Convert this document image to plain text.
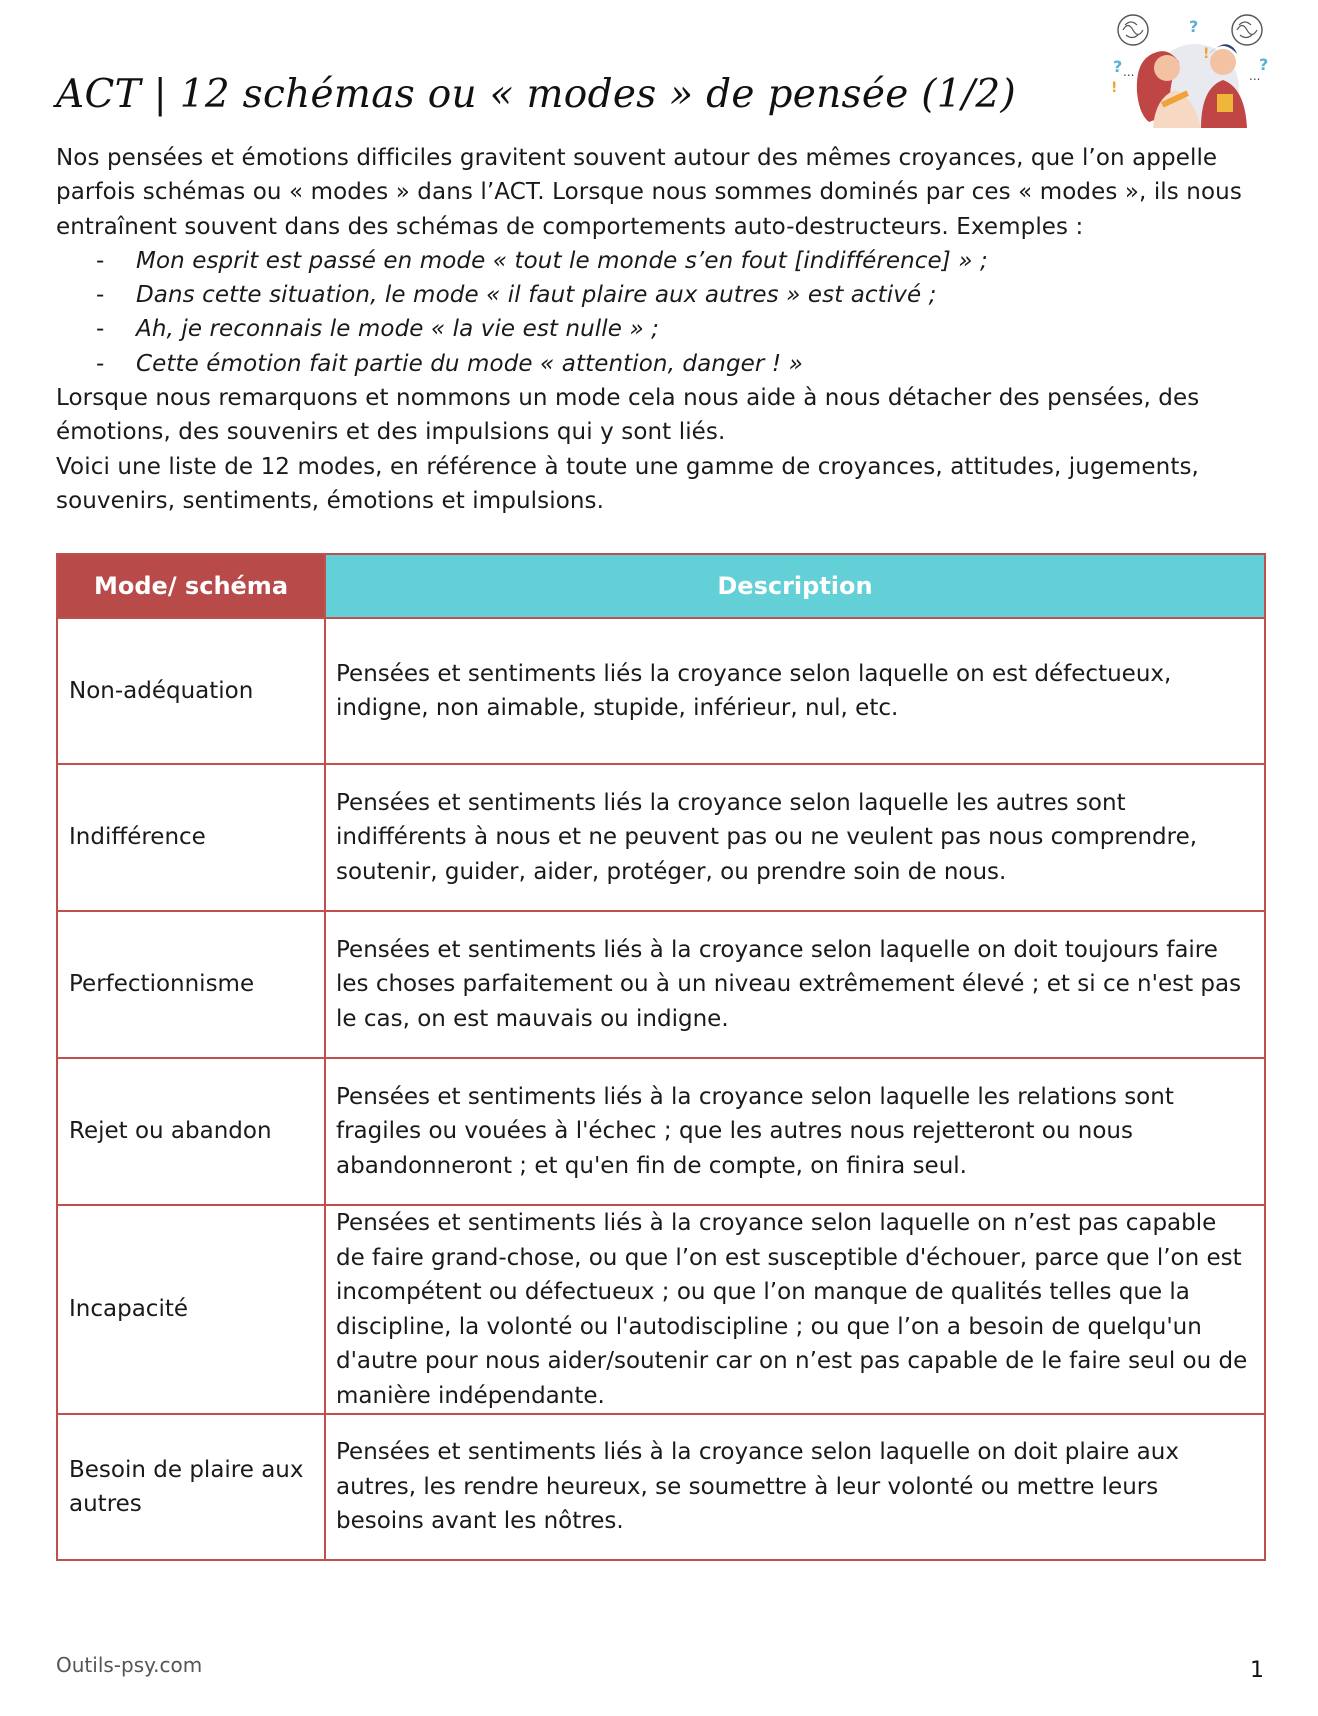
ACT | 12 schémas ou « modes » de pensée (1/2)
?
?
?
!
!
...	...

Nos pensées et émotions difficiles gravitent souvent autour des mêmes croyances, que l’on appelle parfois schémas ou « modes » dans l’ACT. Lorsque nous sommes dominés par ces « modes », ils nous entraînent souvent dans des schémas de comportements auto-destructeurs. Exemples :

- Mon esprit est passé en mode « tout le monde s’en fout [indifférence] » ;
- Dans cette situation, le mode « il faut plaire aux autres » est activé ;
- Ah, je reconnais le mode « la vie est nulle » ;
- Cette émotion fait partie du mode « attention, danger ! »

Lorsque nous remarquons et nommons un mode cela nous aide à nous détacher des pensées, des émotions, des souvenirs et des impulsions qui y sont liés.

Voici une liste de 12 modes, en référence à toute une gamme de croyances, attitudes, jugements, souvenirs, sentiments, émotions et impulsions.

Mode/ schéma	Description
Non-adéquation	Pensées et sentiments liés la croyance selon laquelle on est défectueux, indigne, non aimable, stupide, inférieur, nul, etc.
Indifférence	Pensées et sentiments liés la croyance selon laquelle les autres sont indifférents à nous et ne peuvent pas ou ne veulent pas nous comprendre, soutenir, guider, aider, protéger, ou prendre soin de nous.
Perfectionnisme	Pensées et sentiments liés à la croyance selon laquelle on doit toujours faire les choses parfaitement ou à un niveau extrêmement élevé ; et si ce n'est pas le cas, on est mauvais ou indigne.
Rejet ou abandon	Pensées et sentiments liés à la croyance selon laquelle les relations sont fragiles ou vouées à l'échec ; que les autres nous rejetteront ou nous abandonneront ; et qu'en fin de compte, on finira seul.
Incapacité	Pensées et sentiments liés à la croyance selon laquelle on n’est pas capable de faire grand-chose, ou que l’on est susceptible d'échouer, parce que l’on est incompétent ou défectueux ; ou que l’on manque de qualités telles que la discipline, la volonté ou l'autodiscipline ; ou que l’on a besoin de quelqu'un d'autre pour nous aider/soutenir car on n’est pas capable de le faire seul ou de manière indépendante.
Besoin de plaire aux autres	Pensées et sentiments liés à la croyance selon laquelle on doit plaire aux autres, les rendre heureux, se soumettre à leur volonté ou mettre leurs besoins avant les nôtres.
Outils-psy.com	1
